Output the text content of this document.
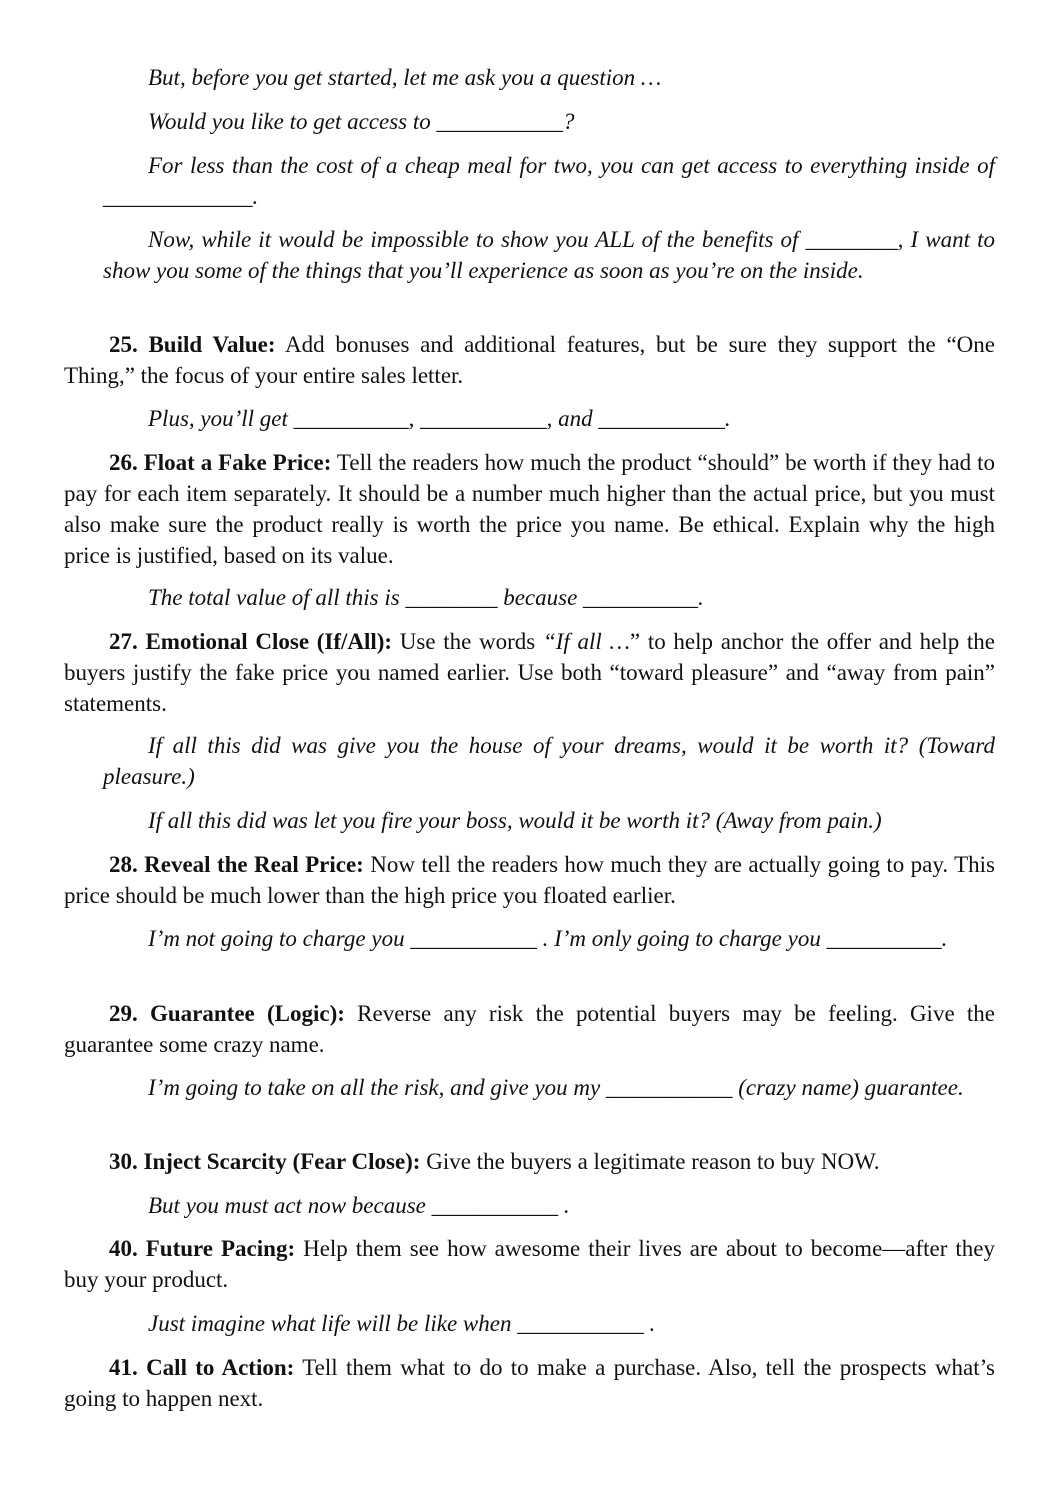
But, before you get started, let me ask you a question …

Would you like to get access to ___________?

For less than the cost of a cheap meal for two, you can get access to everything inside of _____________.

Now, while it would be impossible to show you ALL of the benefits of ________, I want to show you some of the things that you’ll experience as soon as you’re on the inside.

25. Build Value: Add bonuses and additional features, but be sure they support the “One Thing,” the focus of your entire sales letter.

Plus, you’ll get __________, ___________, and ___________.

26. Float a Fake Price: Tell the readers how much the product “should” be worth if they had to pay for each item separately. It should be a number much higher than the actual price, but you must also make sure the product really is worth the price you name. Be ethical. Explain why the high price is justified, based on its value.

The total value of all this is ________ because __________.

27. Emotional Close (If/All): Use the words “If all …” to help anchor the offer and help the buyers justify the fake price you named earlier. Use both “toward pleasure” and “away from pain” statements.

If all this did was give you the house of your dreams, would it be worth it? (Toward pleasure.)

If all this did was let you fire your boss, would it be worth it? (Away from pain.)

28. Reveal the Real Price: Now tell the readers how much they are actually going to pay. This price should be much lower than the high price you floated earlier.

I’m not going to charge you ___________ . I’m only going to charge you __________.

29. Guarantee (Logic): Reverse any risk the potential buyers may be feeling. Give the guarantee some crazy name.

I’m going to take on all the risk, and give you my ___________ (crazy name) guarantee.

30. Inject Scarcity (Fear Close): Give the buyers a legitimate reason to buy NOW.

But you must act now because ___________ .

40. Future Pacing: Help them see how awesome their lives are about to become—after they buy your product.

Just imagine what life will be like when ___________ .

41. Call to Action: Tell them what to do to make a purchase. Also, tell the prospects what’s going to happen next.
